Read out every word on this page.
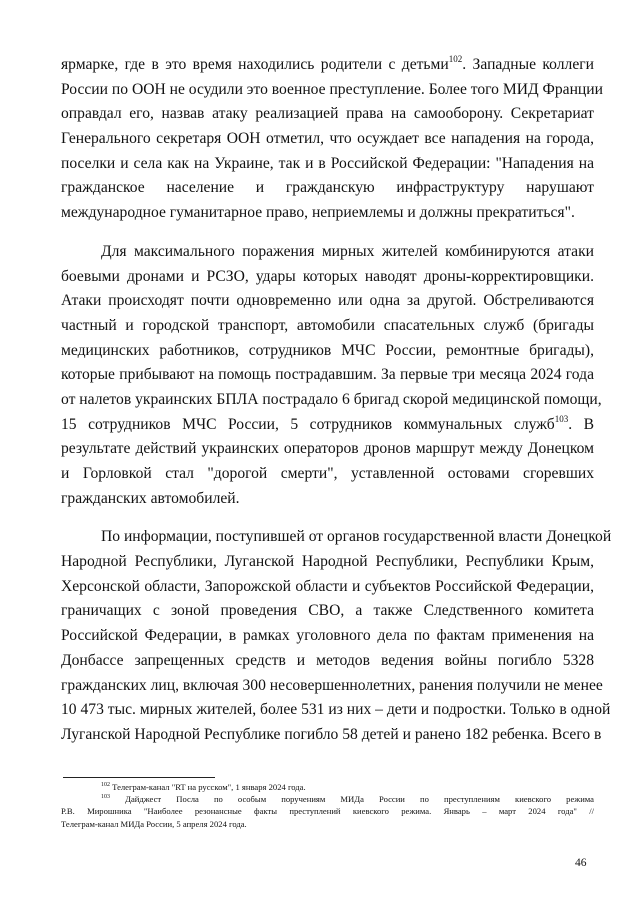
ярмарке, где в это время находились родители с детьми$^{102}$. Западные коллеги
России по ООН не осудили это военное преступление. Более того МИД Франции
оправдал его, назвав атаку реализацией права на самооборону. Секретариат
Генерального секретаря ООН отметил, что осуждает все нападения на города,
поселки и села как на Украине, так и в Российской Федерации: "Нападения на
гражданское население и гражданскую инфраструктуру нарушают
международное гуманитарное право, неприемлемы и должны прекратиться".
Для максимального поражения мирных жителей комбинируются атаки
боевыми дронами и РСЗО, удары которых наводят дроны-корректировщики.
Атаки происходят почти одновременно или одна за другой. Обстреливаются
частный и городской транспорт, автомобили спасательных служб (бригады
медицинских работников, сотрудников МЧС России, ремонтные бригады),
которые прибывают на помощь пострадавшим. За первые три месяца 2024 года
от налетов украинских БПЛА пострадало 6 бригад скорой медицинской помощи,
15 сотрудников МЧС России, 5 сотрудников коммунальных служб$^{103}$. В
результате действий украинских операторов дронов маршрут между Донецком
и Горловкой стал "дорогой смерти", уставленной остовами сгоревших
гражданских автомобилей.
По информации, поступившей от органов государственной власти Донецкой
Народной Республики, Луганской Народной Республики, Республики Крым,
Херсонской области, Запорожской области и субъектов Российской Федерации,
граничащих с зоной проведения СВО, а также Следственного комитета
Российской Федерации, в рамках уголовного дела по фактам применения на
Донбассе запрещенных средств и методов ведения войны погибло 5328
гражданских лиц, включая 300 несовершеннолетних, ранения получили не менее
10 473 тыс. мирных жителей, более 531 из них – дети и подростки. Только в одной
Луганской Народной Республике погибло 58 детей и ранено 182 ребенка. Всего в
$^{102}$ Телеграм-канал "RT на русском", 1 января 2024 года.
$^{103}$ Дайджест Посла по особым поручениям МИДа России по преступлениям киевского режима
Р.В. Мирошника "Наиболее резонансные факты преступлений киевского режима. Январь – март 2024 года" //
Телеграм-канал МИДа России, 5 апреля 2024 года.
46
